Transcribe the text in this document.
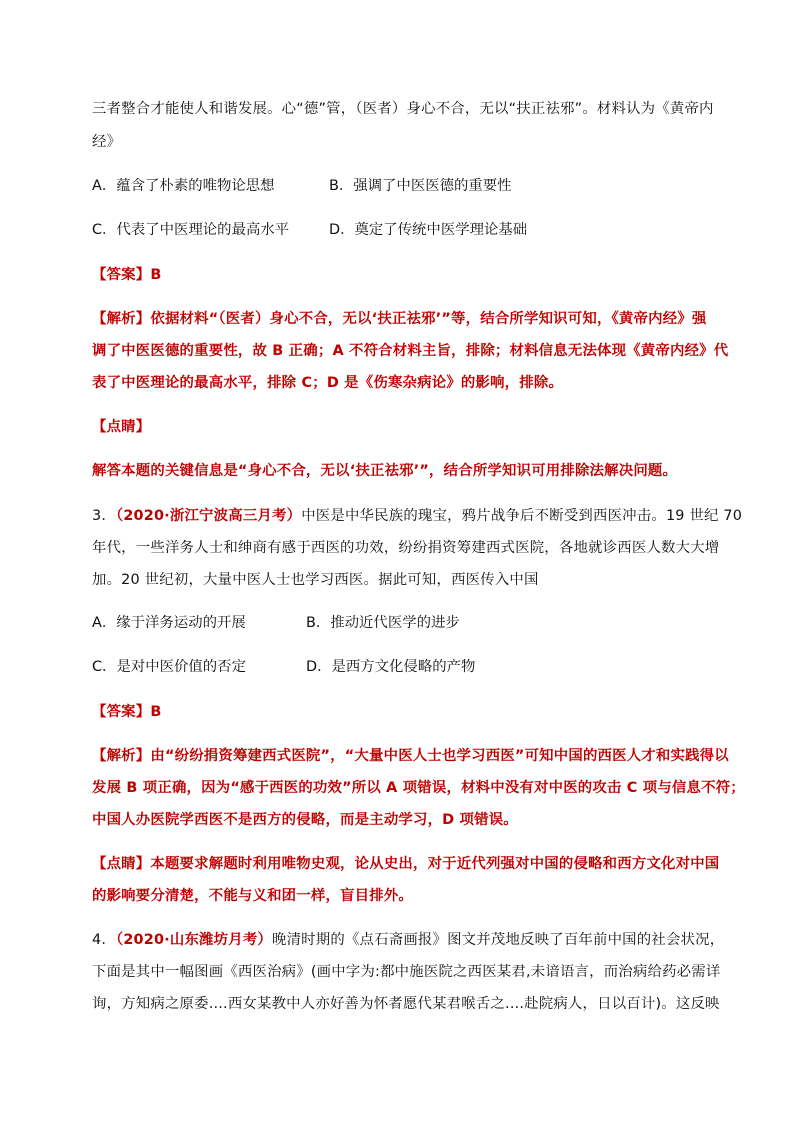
三者整合才能使人和谐发展。心“德”管，（医者）身心不合，无以“扶正祛邪”。材料认为《黄帝内
经》
A．蕴含了朴素的唯物论思想	B．强调了中医医德的重要性
C．代表了中医理论的最高水平	D．奠定了传统中医学理论基础
【答案】B
【解析】依据材料“（医者）身心不合，无以‘扶正祛邪’”等，结合所学知识可知，《黄帝内经》强
调了中医医德的重要性，故 B 正确；A 不符合材料主旨，排除；材料信息无法体现《黄帝内经》代
表了中医理论的最高水平，排除 C；D 是《伤寒杂病论》的影响，排除。
【点睛】
解答本题的关键信息是“身心不合，无以‘扶正祛邪’”，结合所学知识可用排除法解决问题。
3．（2020·浙江宁波高三月考）中医是中华民族的瑰宝，鸦片战争后不断受到西医冲击。19 世纪 70
年代，一些洋务人士和绅商有感于西医的功效，纷纷捐资筹建西式医院，各地就诊西医人数大大增
加。20 世纪初，大量中医人士也学习西医。据此可知，西医传入中国
A．缘于洋务运动的开展	B．推动近代医学的进步
C．是对中医价值的否定	D．是西方文化侵略的产物
【答案】B
【解析】由“纷纷捐资筹建西式医院”，“大量中医人士也学习西医”可知中国的西医人才和实践得以
发展 B 项正确，因为“感于西医的功效”所以 A 项错误，材料中没有对中医的攻击 C 项与信息不符；
中国人办医院学西医不是西方的侵略，而是主动学习，D 项错误。
【点睛】本题要求解题时利用唯物史观，论从史出，对于近代列强对中国的侵略和西方文化对中国
的影响要分清楚，不能与义和团一样，盲目排外。
4．（2020·山东潍坊月考）晚清时期的《点石斋画报》图文并茂地反映了百年前中国的社会状况，
下面是其中一幅图画《西医治病》(画中字为:都中施医院之西医某君,未谙语言，而治病给药必需详
询，方知病之原委....西女某教中人亦好善为怀者愿代某君喉舌之....赴院病人，日以百计)。这反映
